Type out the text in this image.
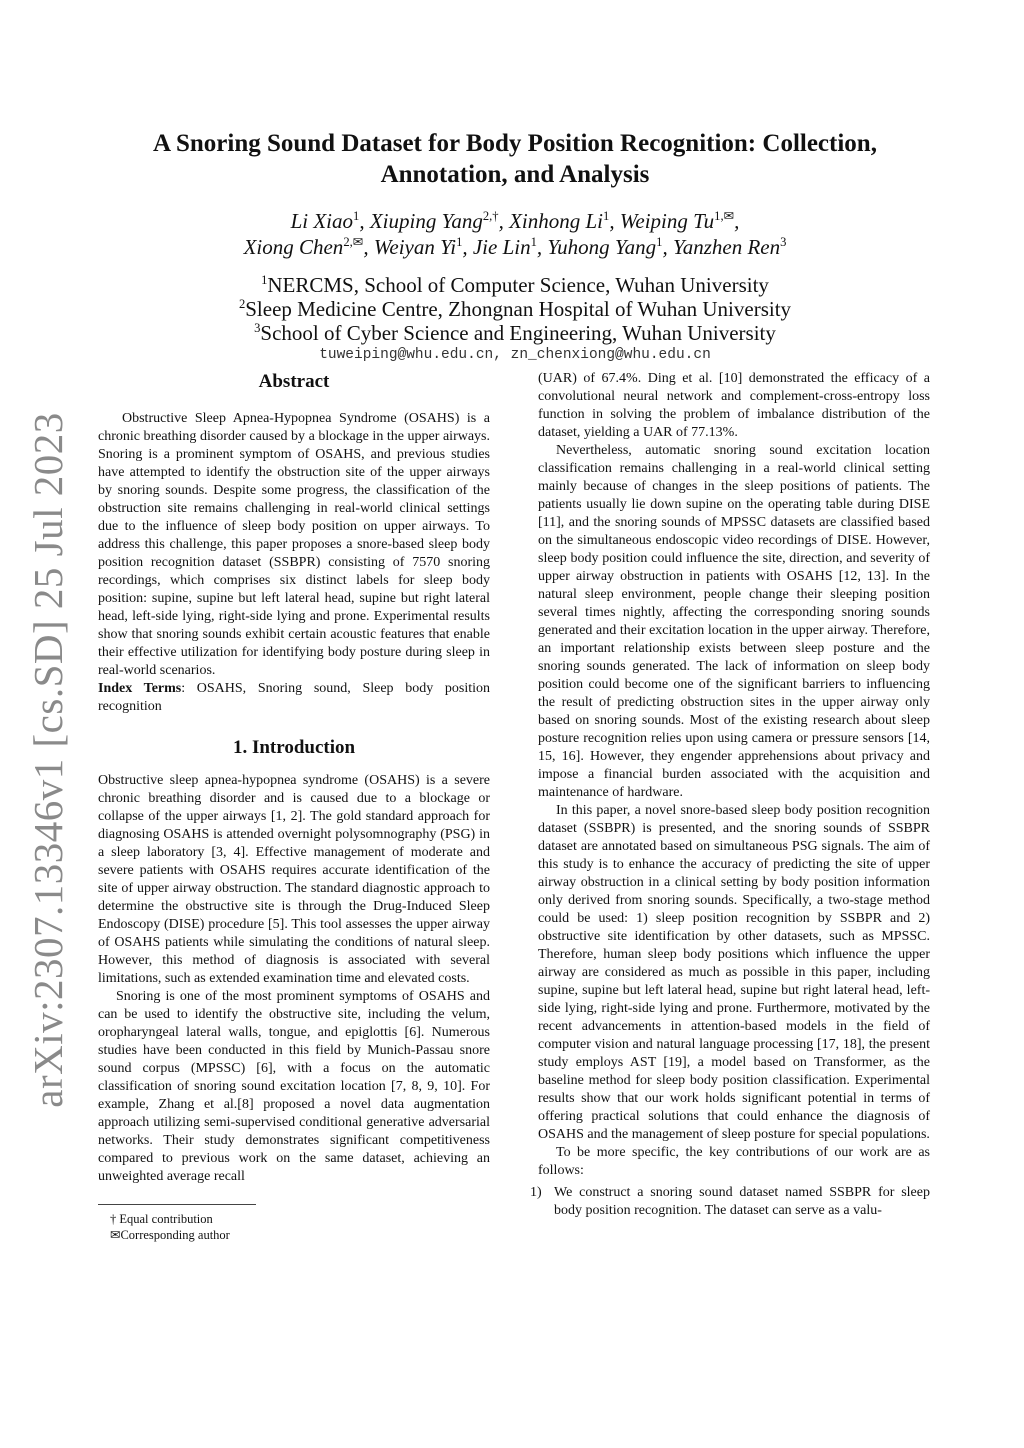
arXiv:2307.13346v1 [cs.SD] 25 Jul 2023
A Snoring Sound Dataset for Body Position Recognition: Collection,
Annotation, and Analysis
Li Xiao$^1$, Xiuping Yang$^{2,\dagger}$, Xinhong Li$^1$, Weiping $Tu^{1,✉}$,
Xiong Chen$^{2,✉}$, Weiyan Yi$^1$, Jie Lin$^1$, Yuhong Yang$^1$, Yanzhen Ren$^3$
$^1$NERCMS, School of Computer Science, Wuhan University
$^2$Sleep Medicine Centre, Zhongnan Hospital of Wuhan University
$^3$School of Cyber Science and Engineering, Wuhan University
tuweiping@whu.edu.cn, zn_chenxiong@whu.edu.cn
Abstract

Obstructive Sleep Apnea-Hypopnea Syndrome (OSAHS) is a chronic breathing disorder caused by a blockage in the upper airways. Snoring is a prominent symptom of OSAHS, and previous studies have attempted to identify the obstruction site of the upper airways by snoring sounds. Despite some progress, the classification of the obstruction site remains challenging in real-world clinical settings due to the influence of sleep body position on upper airways. To address this challenge, this paper proposes a snore-based sleep body position recognition dataset (SSBPR) consisting of 7570 snoring recordings, which comprises six distinct labels for sleep body position: supine, supine but left lateral head, supine but right lateral head, left-side lying, right-side lying and prone. Experimental results show that snoring sounds exhibit certain acoustic features that enable their effective utilization for identifying body posture during sleep in real-world scenarios.

Index Terms: OSAHS, Snoring sound, Sleep body position recognition

1. Introduction

Obstructive sleep apnea-hypopnea syndrome (OSAHS) is a severe chronic breathing disorder and is caused due to a blockage or collapse of the upper airways [1, 2]. The gold standard approach for diagnosing OSAHS is attended overnight polysomnography (PSG) in a sleep laboratory [3, 4]. Effective management of moderate and severe patients with OSAHS requires accurate identification of the site of upper airway obstruction. The standard diagnostic approach to determine the obstructive site is through the Drug-Induced Sleep Endoscopy (DISE) procedure [5]. This tool assesses the upper airway of OSAHS patients while simulating the conditions of natural sleep. However, this method of diagnosis is associated with several limitations, such as extended examination time and elevated costs.

Snoring is one of the most prominent symptoms of OSAHS and can be used to identify the obstructive site, including the velum, oropharyngeal lateral walls, tongue, and epiglottis [6]. Numerous studies have been conducted in this field by Munich-Passau snore sound corpus (MPSSC) [6], with a focus on the automatic classification of snoring sound excitation location [7, 8, 9, 10]. For example, Zhang et al.[8] proposed a novel data augmentation approach utilizing semi-supervised conditional generative adversarial networks. Their study demonstrates significant competitiveness compared to previous work on the same dataset, achieving an unweighted average recall

† Equal contribution
✉Corresponding author

(UAR) of 67.4%. Ding et al. [10] demonstrated the efficacy of a convolutional neural network and complement-cross-entropy loss function in solving the problem of imbalance distribution of the dataset, yielding a UAR of 77.13%.

Nevertheless, automatic snoring sound excitation location classification remains challenging in a real-world clinical setting mainly because of changes in the sleep positions of patients. The patients usually lie down supine on the operating table during DISE [11], and the snoring sounds of MPSSC datasets are classified based on the simultaneous endoscopic video recordings of DISE. However, sleep body position could influence the site, direction, and severity of upper airway obstruction in patients with OSAHS [12, 13]. In the natural sleep environment, people change their sleeping position several times nightly, affecting the corresponding snoring sounds generated and their excitation location in the upper airway. Therefore, an important relationship exists between sleep posture and the snoring sounds generated. The lack of information on sleep body position could become one of the significant barriers to influencing the result of predicting obstruction sites in the upper airway only based on snoring sounds. Most of the existing research about sleep posture recognition relies upon using camera or pressure sensors [14, 15, 16]. However, they engender apprehensions about privacy and impose a financial burden associated with the acquisition and maintenance of hardware.

In this paper, a novel snore-based sleep body position recognition dataset (SSBPR) is presented, and the snoring sounds of SSBPR dataset are annotated based on simultaneous PSG signals. The aim of this study is to enhance the accuracy of predicting the site of upper airway obstruction in a clinical setting by body position information only derived from snoring sounds. Specifically, a two-stage method could be used: 1) sleep position recognition by SSBPR and 2) obstructive site identification by other datasets, such as MPSSC. Therefore, human sleep body positions which influence the upper airway are considered as much as possible in this paper, including supine, supine but left lateral head, supine but right lateral head, left-side lying, right-side lying and prone. Furthermore, motivated by the recent advancements in attention-based models in the field of computer vision and natural language processing [17, 18], the present study employs AST [19], a model based on Transformer, as the baseline method for sleep body position classification. Experimental results show that our work holds significant potential in terms of offering practical solutions that could enhance the diagnosis of OSAHS and the management of sleep posture for special populations.

To be more specific, the key contributions of our work are as follows:

1) We construct a snoring sound dataset named SSBPR for sleep body position recognition. The dataset can serve as a valu-
